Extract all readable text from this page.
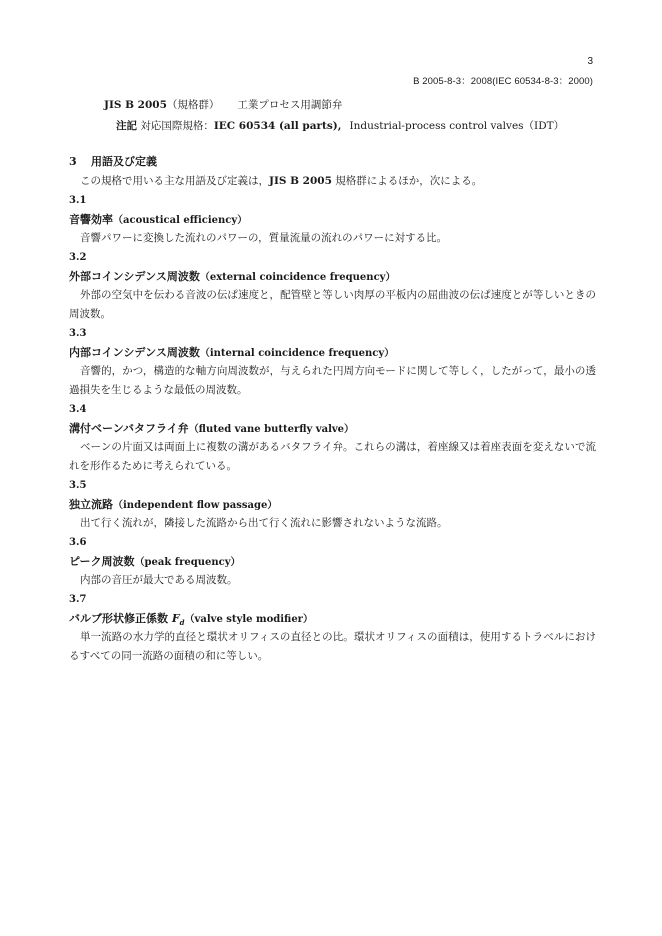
3
B 2005-8-3：2008(IEC 60534-8-3：2000)
JIS B 2005（規格群） 工業プロセス用調節弁
注記 対応国際規格：IEC 60534 (all parts), Industrial-process control valves（IDT）
3 用語及び定義

この規格で用いる主な用語及び定義は，JIS B 2005 規格群によるほか，次による。

3.1
音響効率（acoustical efficiency）

音響パワーに変換した流れのパワーの，質量流量の流れのパワーに対する比。

3.2
外部コインシデンス周波数（external coincidence frequency）

外部の空気中を伝わる音波の伝ぱ速度と，配管壁と等しい肉厚の平板内の屈曲波の伝ぱ速度とが等しいときの周波数。

3.3
内部コインシデンス周波数（internal coincidence frequency）

音響的，かつ，構造的な軸方向周波数が，与えられた円周方向モードに関して等しく，したがって，最小の透過損失を生じるような最低の周波数。

3.4
溝付ベーンバタフライ弁（fluted vane butterfly valve）

ベーンの片面又は両面上に複数の溝があるバタフライ弁。これらの溝は，着座線又は着座表面を変えないで流れを形作るために考えられている。

3.5
独立流路（independent flow passage）

出て行く流れが，隣接した流路から出て行く流れに影響されないような流路。

3.6
ピーク周波数（peak frequency）

内部の音圧が最大である周波数。

3.7
バルブ形状修正係数 $F_d(valve$ style modifier）

単一流路の水力学的直径と環状オリフィスの直径との比。環状オリフィスの面積は，使用するトラベルにおけるすべての同一流路の面積の和に等しい。
